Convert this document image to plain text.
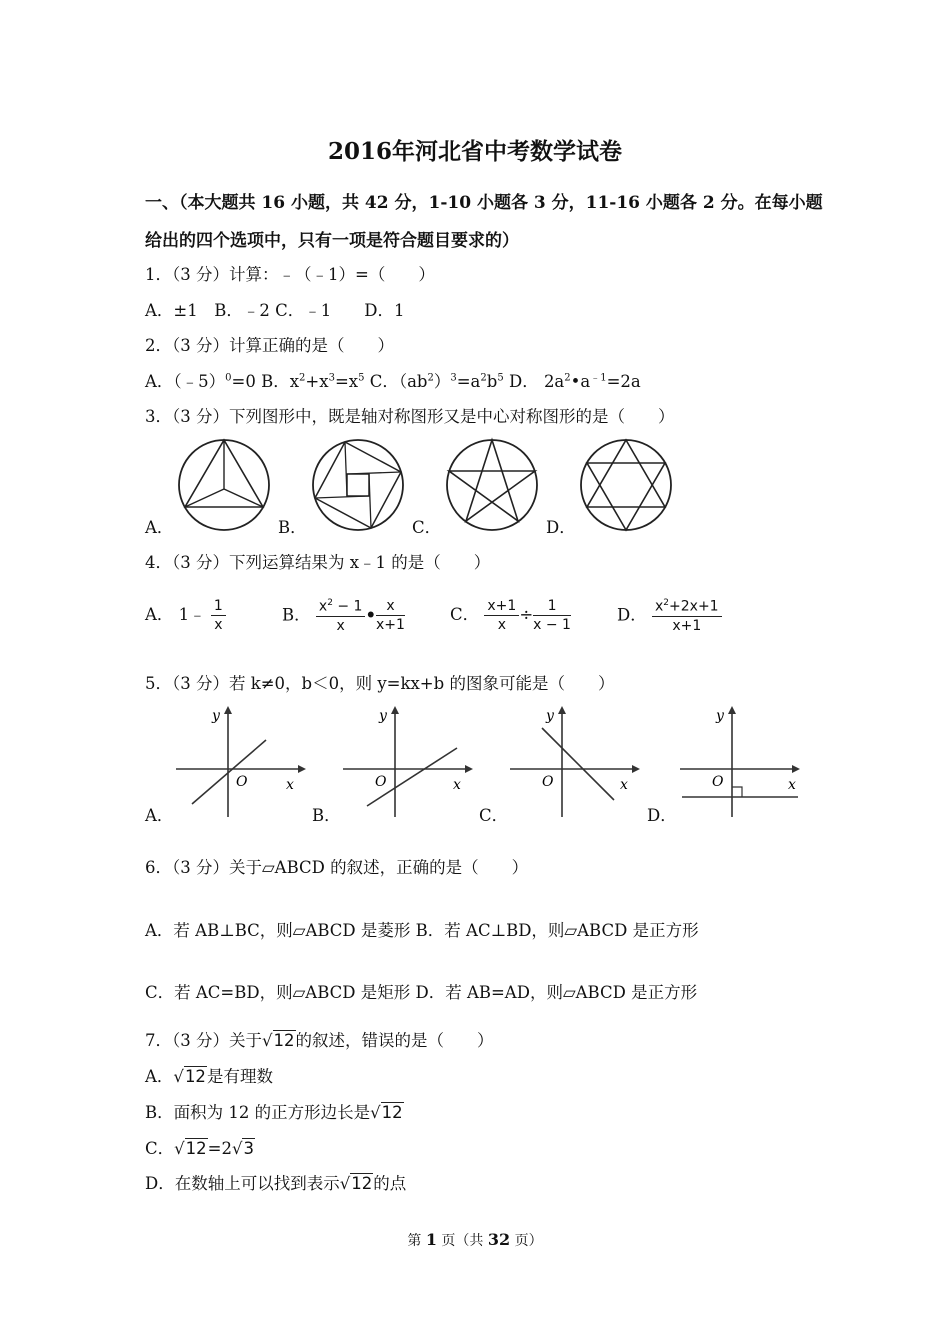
2016年河北省中考数学试卷
一、（本大题共 16 小题，共 42 分，1-10 小题各 3 分，11-16 小题各 2 分。在每小题
给出的四个选项中，只有一项是符合题目要求的）
1．（3 分）计算：﹣（﹣1）=（　　）
A．±1　B．﹣2 C．﹣1　　D．1
2．（3 分）计算正确的是（　　）
A．（﹣5）$^0$=0 B．$x^2+x^3=x^5$ C．$(ab^2)^3=a^2b^5$ D． $2a^2•a^{﹣1}=2a$
3．（3 分）下列图形中，既是轴对称图形又是中心对称图形的是（　　）
A．	B．	C．	D．
4．（3 分）下列运算结果为 x﹣1 的是（　　）
A． 1﹣ $\frac{1}{x}$	B． $\frac{x^2 - 1}{x}$ • $\frac{x}{x+1}$	C． $\frac{x+1}{x} \div \frac{1}{x - 1}$	D． $\frac{x^2+2x+1}{x+1}$
5．（3 分）若 k≠0，b＜0，则 y=kx+b 的图象可能是（　　）
A．	B．	C．	D．
y
x
O
y
x
O
y
x
O
y
x
O
6．（3 分）关于▱ABCD 的叙述，正确的是（　　）
A．若 AB⊥BC，则▱ABCD 是菱形 B．若 AC⊥BD，则▱ABCD 是正方形
C．若 AC=BD，则▱ABCD 是矩形 D．若 AB=AD，则▱ABCD 是正方形
7．（3 分）关于√12的叙述，错误的是（　　）
A．√12是有理数
B．面积为 12 的正方形边长是√12
C．√12=2√3
D．在数轴上可以找到表示√12的点
第 1 页（共 32 页）
